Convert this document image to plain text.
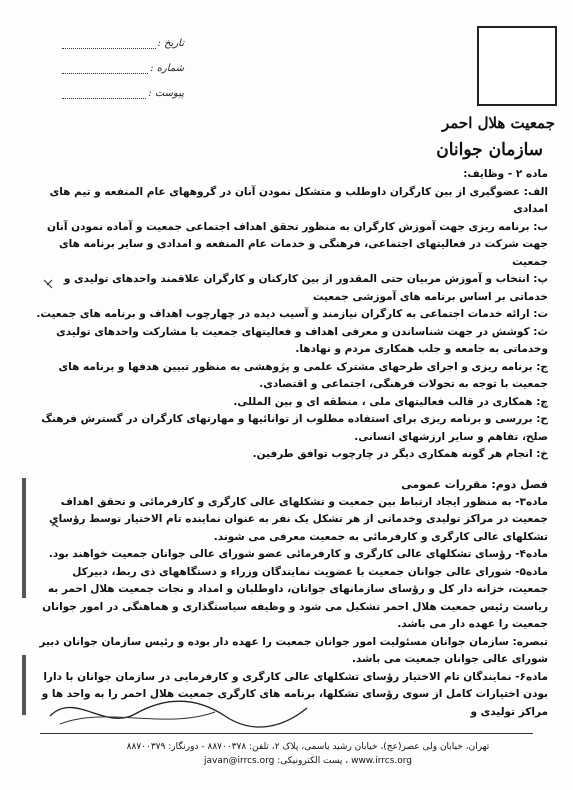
جمعیت هلال احمر
سازمان جوانان
تاریخ :
شماره :
پیوست :

ماده ۲ - وظایف:

الف: عضوگیری از بین کارگران داوطلب و متشکل نمودن آنان در گروههای عام المنفعه و تیم های امدادی

ب: برنامه ریزی جهت آموزش کارگران به منظور تحقق اهداف اجتماعی جمعیت و آماده نمودن آنان جهت شرکت در فعالیتهای اجتماعی، فرهنگی و خدمات عام المنفعه و امدادی و سایر برنامه های جمعیت

پ: انتخاب و آموزش مربیان حتی المقدور از بین کارکنان و کارگران علاقمند واحدهای تولیدی و خدماتی بر اساس برنامه های آموزشی جمعیت

ت: ارائه خدمات اجتماعی به کارگران نیازمند و آسیب دیده در چهارچوب اهداف و برنامه های جمعیت.

ث: کوشش در جهت شناساندن و معرفی اهداف و فعالیتهای جمعیت با مشارکت واحدهای تولیدی وخدماتی به جامعه و جلب همکاری مردم و نهادها.

ج: برنامه ریزی و اجرای طرحهای مشترک علمی و پژوهشی به منظور تبیین هدفها و برنامه های جمعیت با توجه به تحولات فرهنگی، اجتماعی و اقتصادی.

چ: همکاری در قالب فعالیتهای ملی ، منطقه ای و بین المللی.

ح: بررسی و برنامه ریزی برای استفاده مطلوب از توانائیها و مهارتهای کارگران در گسترش فرهنگ صلح، تفاهم و سایر ارزشهای انسانی.

خ: انجام هر گونه همکاری دیگر در چارچوب توافق طرفین.

فصل دوم: مقررات عمومی

ماده۳- به منظور ایجاد ارتباط بین جمعیت و تشکلهای عالی کارگری و کارفرمائی و تحقق اهداف جمعیت در مراکز تولیدی وخدماتی از هر تشکل یک نفر به عنوان نماینده تام الاختیار توسط رؤسای تشکلهای عالی کارگری و کارفرمائی به جمعیت معرفی می شوند.

ماده۴- رؤسای تشکلهای عالی کارگری و کارفرمائی عضو شورای عالی جوانان جمعیت خواهند بود.

ماده۵- شورای عالی جوانان جمعیت با عضویت نمایندگان وزراء و دستگاههای ذی ربط، دبیرکل جمعیت، خزانه دار کل و رؤسای سازمانهای جوانان، داوطلبان و امداد و نجات جمعیت هلال احمر به ریاست رئیس جمعیت هلال احمر تشکیل می شود و وظیفه سیاستگذاری و هماهنگی در امور جوانان جمعیت را عهده دار می باشد.

تبصره: سازمان جوانان مسئولیت امور جوانان جمعیت را عهده دار بوده و رئیس سازمان جوانان دبیر شورای عالی جوانان جمعیت می باشد.

ماده۶- نمایندگان تام الاختیار رؤسای تشکلهای عالی کارگری و کارفرمایی در سازمان جوانان با دارا بودن اختیارات کامل از سوی رؤسای تشکلها، برنامه های کارگری جمعیت هلال احمر را به واحد ها و مراکز تولیدی و

تهران، خیابان ولی عصر(عج)، خیابان رشید یاسمی، پلاک ۲، تلفن: ۸۸۷۰۰۳۷۸ - دورنگار: ۸۸۷۰۰۳۷۹
www.irrcs.org ، پست الکترونیکی: javan@irrcs.org
